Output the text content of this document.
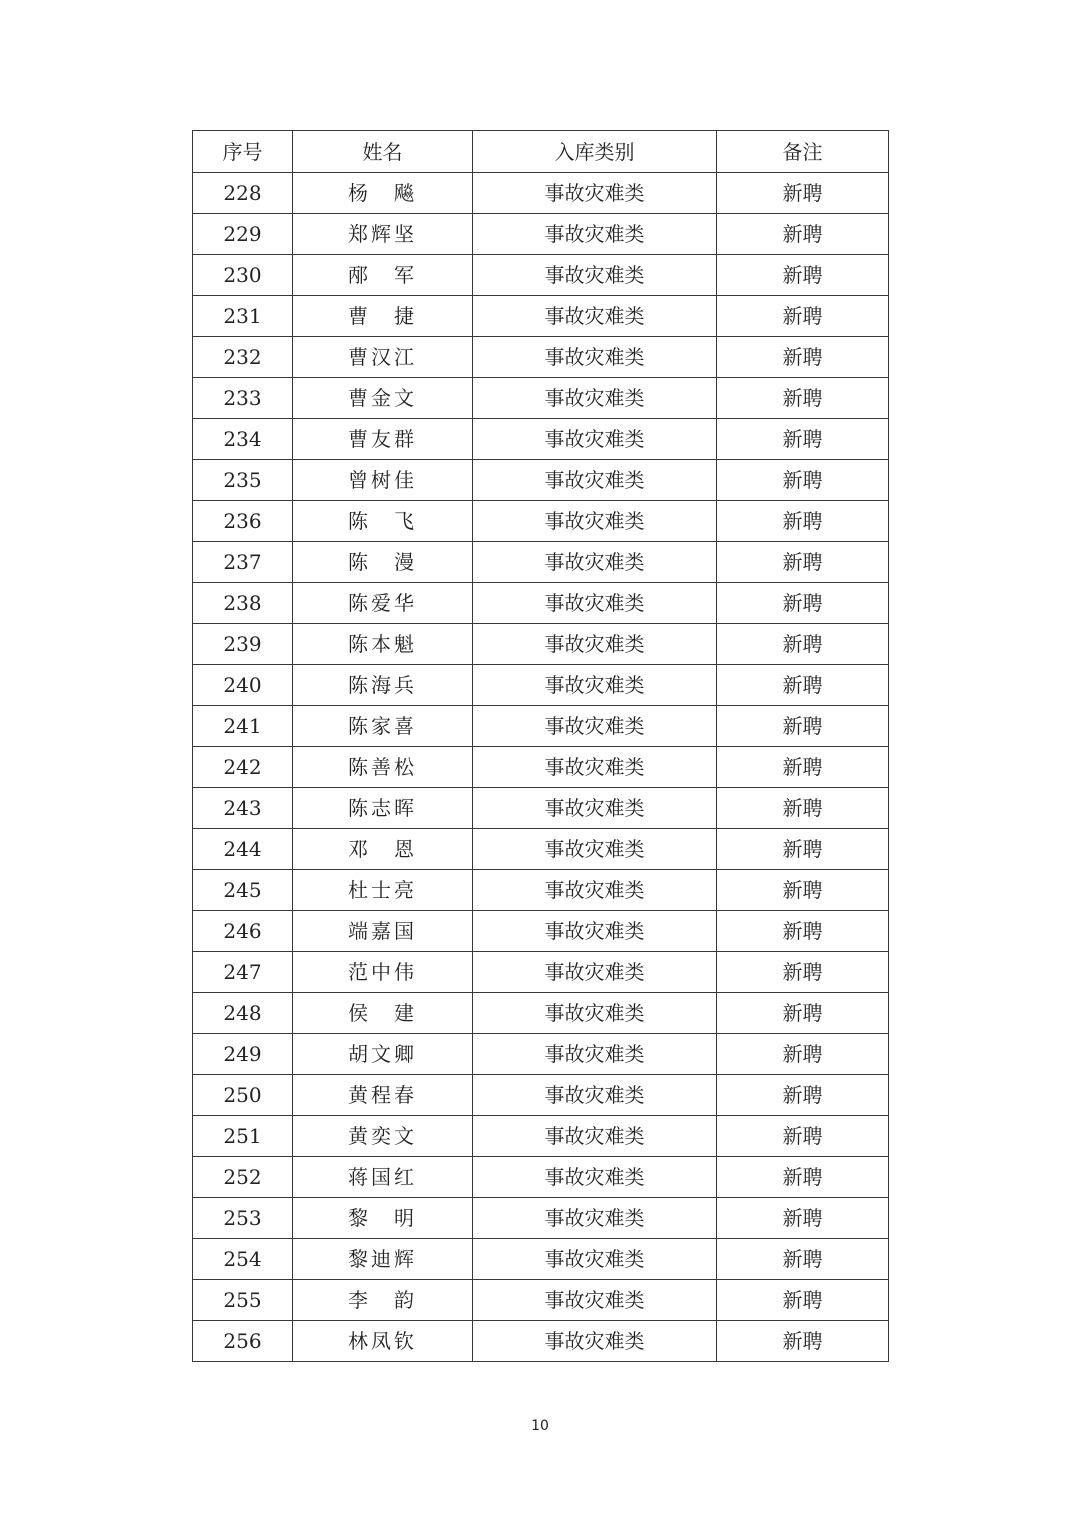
序号	姓名	入库类别	备注
228	杨　飚	事故灾难类	新聘
229	郑辉坚	事故灾难类	新聘
230	邴　军	事故灾难类	新聘
231	曹　捷	事故灾难类	新聘
232	曹汉江	事故灾难类	新聘
233	曹金文	事故灾难类	新聘
234	曹友群	事故灾难类	新聘
235	曾树佳	事故灾难类	新聘
236	陈　飞	事故灾难类	新聘
237	陈　漫	事故灾难类	新聘
238	陈爱华	事故灾难类	新聘
239	陈本魁	事故灾难类	新聘
240	陈海兵	事故灾难类	新聘
241	陈家喜	事故灾难类	新聘
242	陈善松	事故灾难类	新聘
243	陈志晖	事故灾难类	新聘
244	邓　恩	事故灾难类	新聘
245	杜士亮	事故灾难类	新聘
246	端嘉国	事故灾难类	新聘
247	范中伟	事故灾难类	新聘
248	侯　建	事故灾难类	新聘
249	胡文卿	事故灾难类	新聘
250	黄程春	事故灾难类	新聘
251	黄奕文	事故灾难类	新聘
252	蒋国红	事故灾难类	新聘
253	黎　明	事故灾难类	新聘
254	黎迪辉	事故灾难类	新聘
255	李　韵	事故灾难类	新聘
256	林凤钦	事故灾难类	新聘
10
